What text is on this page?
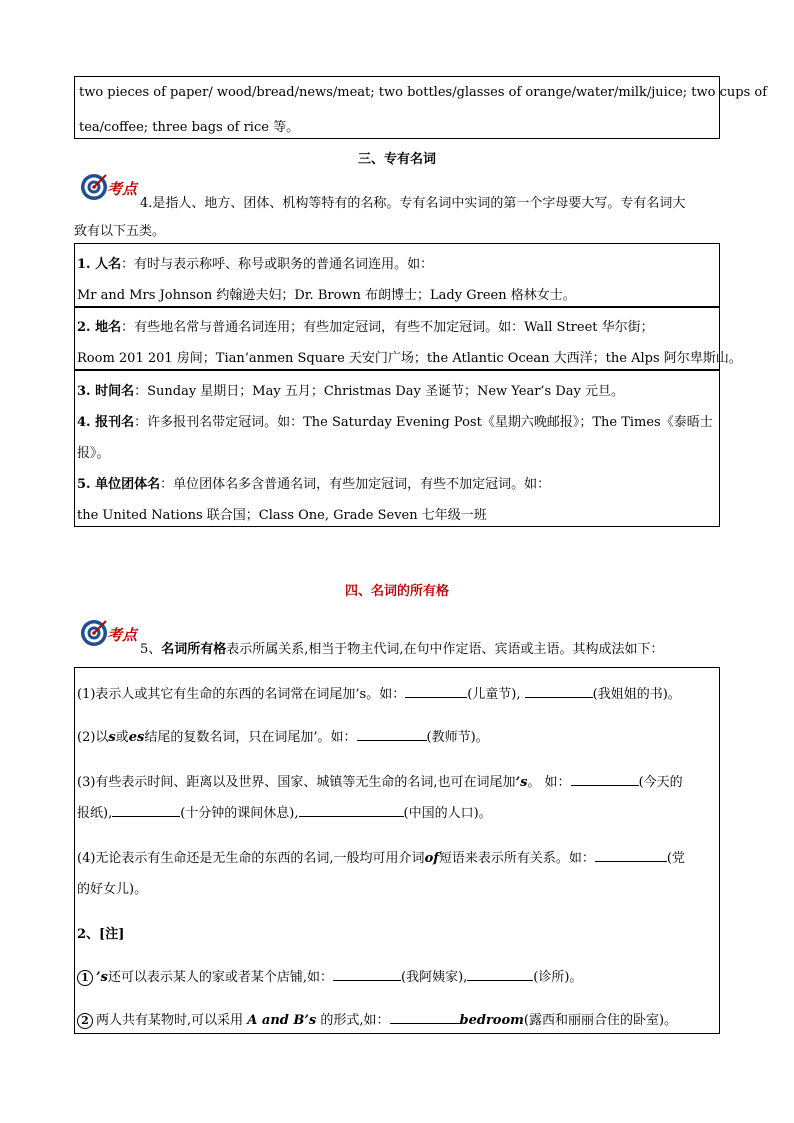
two pieces of paper/ wood/bread/news/meat; two bottles/glasses of orange/water/milk/juice; two cups of
tea/coffee; three bags of rice 等。
三、专有名词
考点
4.是指人、地方、团体、机构等特有的名称。专有名词中实词的第一个字母要大写。专有名词大
致有以下五类。
1. 人名：有时与表示称呼、称号或职务的普通名词连用。如：
Mr and Mrs Johnson 约翰逊夫妇；Dr. Brown 布朗博士；Lady Green 格林女士。
2. 地名：有些地名常与普通名词连用；有些加定冠词，有些不加定冠词。如：Wall Street 华尔街；
Room 201 201 房间；Tian’anmen Square 天安门广场；the Atlantic Ocean 大西洋；the Alps 阿尔卑斯山。
3. 时间名：Sunday 星期日；May 五月；Christmas Day 圣诞节；New Year’s Day 元旦。
4. 报刊名：许多报刊名带定冠词。如：The Saturday Evening Post《星期六晚邮报》；The Times《泰晤士
报》。
5. 单位团体名：单位团体名多含普通名词，有些加定冠词，有些不加定冠词。如：
the United Nations 联合国；Class One, Grade Seven 七年级一班
四、名词的所有格
考点
5、名词所有格表示所属关系,相当于物主代词,在句中作定语、宾语或主语。其构成法如下：
(1)表示人或其它有生命的东西的名词常在词尾加’s。如：	(儿童节),	(我姐姐的书)。
(2)以s或es结尾的复数名词，只在词尾加’。如：	(教师节)。
(3)有些表示时间、距离以及世界、国家、城镇等无生命的名词,也可在词尾加’s。 如：	(今天的
报纸),	(十分钟的课间休息),	(中国的人口)。
(4)无论表示有生命还是无生命的东西的名词,一般均可用介词of短语来表示所有关系。如：	(党
的好女儿)。
2、[注]
1 ’s还可以表示某人的家或者某个店铺,如：	(我阿姨家),	(诊所)。
2 两人共有某物时,可以采用 A and B’s 的形式,如：	bedroom(露西和丽丽合住的卧室)。
